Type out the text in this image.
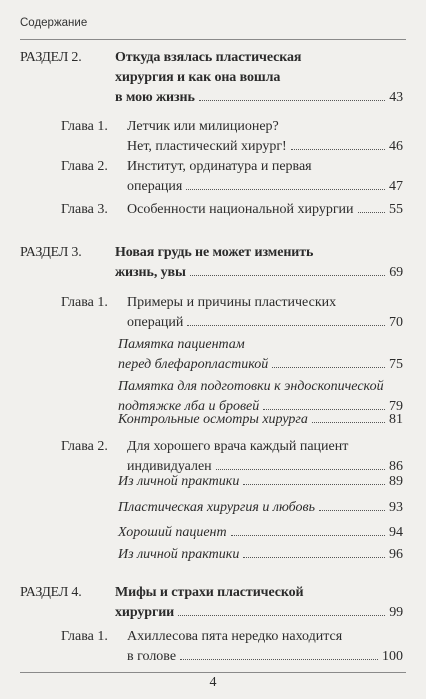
Содержание
РАЗДЕЛ 2.	Откуда взялась пластическая
хирургия и как она вошла
в мою жизнь	43
Глава 1.	Летчик или милиционер?
Нет, пластический хирург!	46
Глава 2.	Институт, ординатура и первая
операция	47
Глава 3.	Особенности национальной хирургии	55
РАЗДЕЛ 3.	Новая грудь не может изменить
жизнь, увы	69
Глава 1.	Примеры и причины пластических
операций	70
Памятка пациентам
перед блефаропластикой	75
Памятка для подготовки к эндоскопической
подтяжке лба и бровей	79
Контрольные осмотры хирурга	81
Глава 2.	Для хорошего врача каждый пациент
индивидуален	86
Из личной практики	89
Пластическая хирургия и любовь	93
Хороший пациент	94
Из личной практики	96
РАЗДЕЛ 4.	Мифы и страхи пластической
хирургии	99
Глава 1.	Ахиллесова пята нередко находится
в голове	100
4
